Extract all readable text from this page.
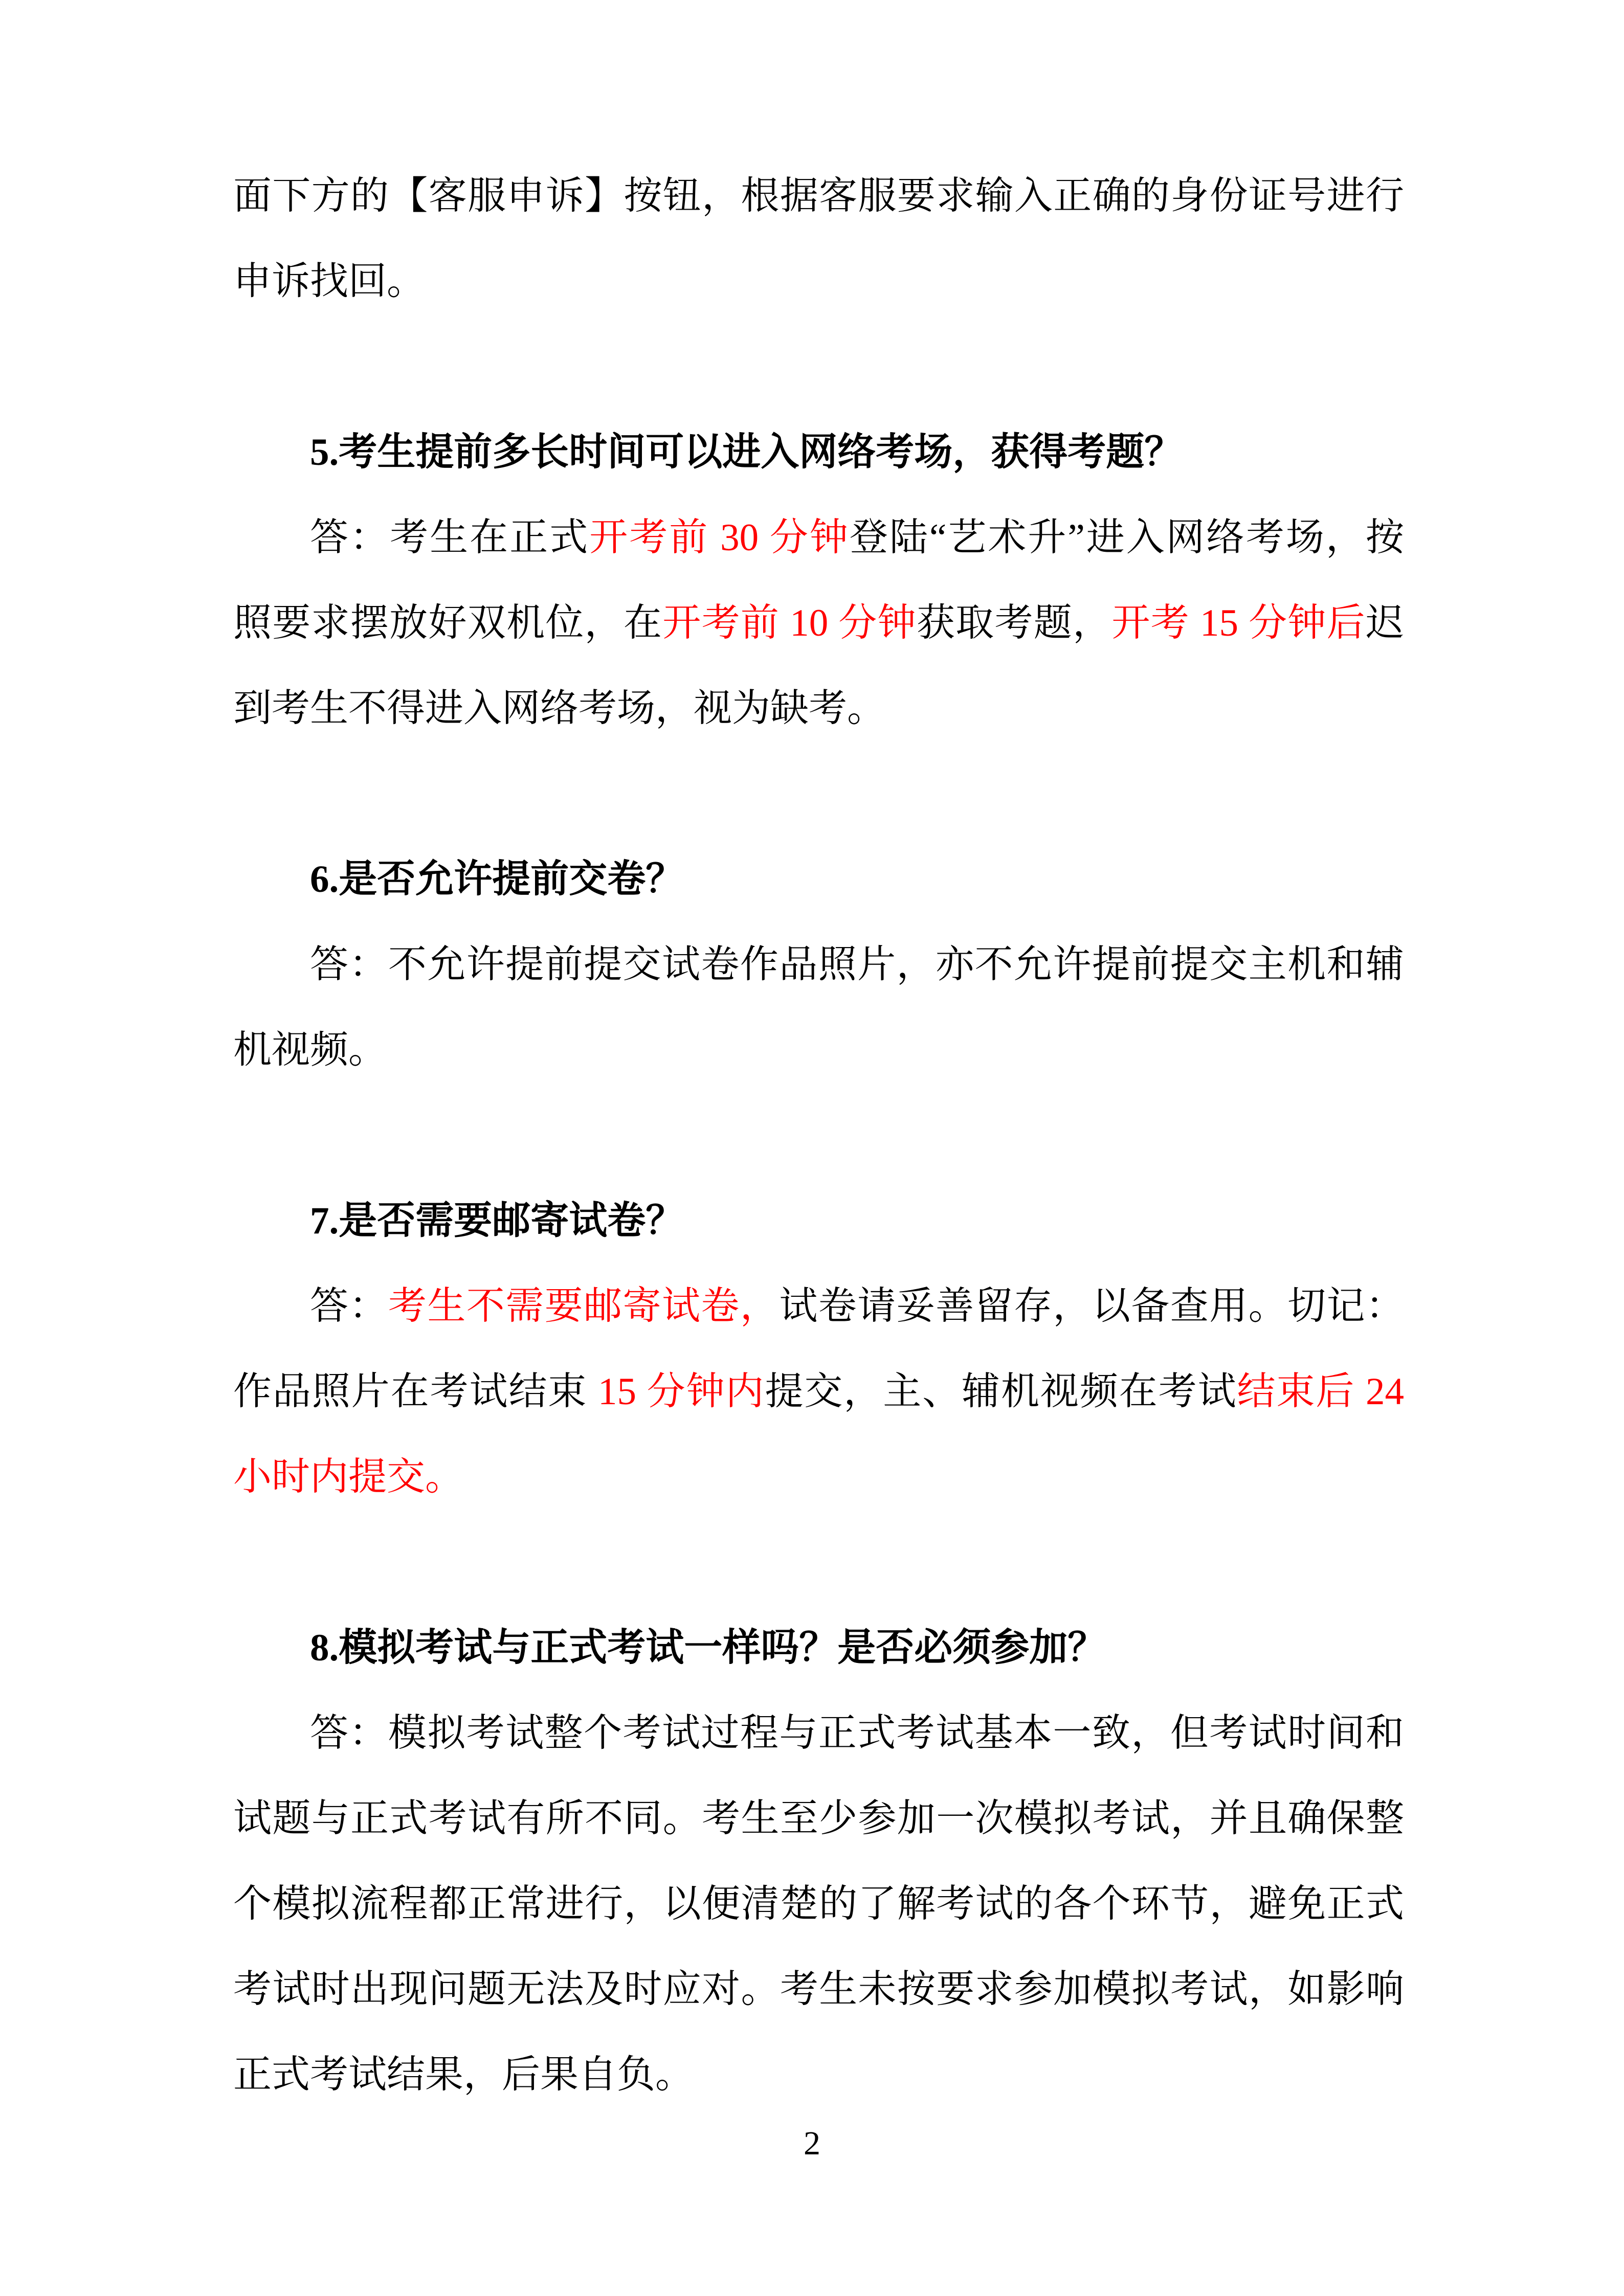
面下方的【客服申诉】按钮，根据客服要求输入正确的身份证号进行
申诉找回。
5.考生提前多长时间可以进入网络考场，获得考题？
答：考生在正式开考前 30 分钟登陆“艺术升”进入网络考场，按
照要求摆放好双机位，在开考前 10 分钟获取考题，开考 15 分钟后迟
到考生不得进入网络考场，视为缺考。
6.是否允许提前交卷？
答：不允许提前提交试卷作品照片，亦不允许提前提交主机和辅
机视频。
7.是否需要邮寄试卷？
答：考生不需要邮寄试卷，试卷请妥善留存，以备查用。切记：
作品照片在考试结束 15 分钟内提交，主、辅机视频在考试结束后 24
小时内提交。
8.模拟考试与正式考试一样吗？是否必须参加？
答：模拟考试整个考试过程与正式考试基本一致，但考试时间和
试题与正式考试有所不同。考生至少参加一次模拟考试，并且确保整
个模拟流程都正常进行，以便清楚的了解考试的各个环节，避免正式
考试时出现问题无法及时应对。考生未按要求参加模拟考试，如影响
正式考试结果，后果自负。
2
